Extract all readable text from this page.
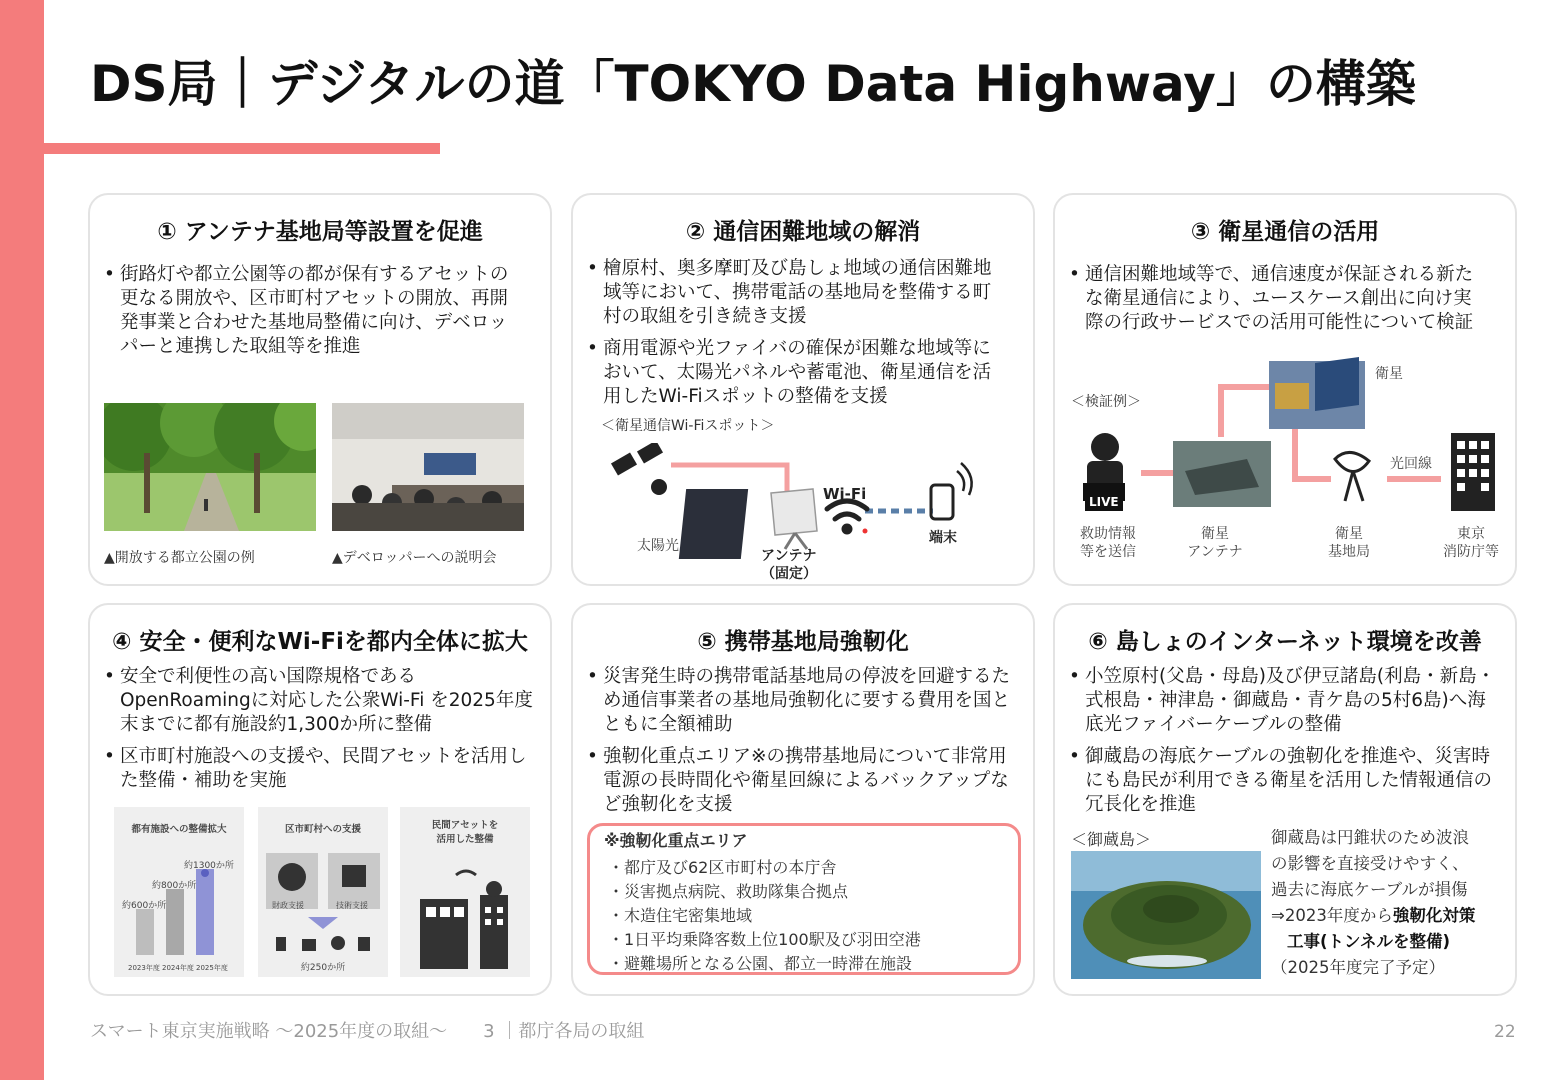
DS局｜デジタルの道「TOKYO Data Highway」の構築
① アンテナ基地局等設置を促進
• 街路灯や都立公園等の都が保有するアセットの更なる開放や、区市町村アセットの開放、再開発事業と合わせた基地局整備に向け、デベロッパーと連携した取組等を推進
▲開放する都立公園の例	▲デベロッパーへの説明会
② 通信困難地域の解消
• 檜原村、奥多摩町及び島しょ地域の通信困難地域等において、携帯電話の基地局を整備する町村の取組を引き続き支援
• 商用電源や光ファイバの確保が困難な地域等において、太陽光パネルや蓄電池、衛星通信を活用したWi-Fiスポットの整備を支援
＜衛星通信Wi-Fiスポット＞
太陽光
Wi-Fi
端末
アンテナ
（固定）
③ 衛星通信の活用
• 通信困難地域等で、通信速度が保証される新たな衛星通信により、ユースケース創出に向け実際の行政サービスでの活用可能性について検証
＜検証例＞
LIVE
衛星
光回線
救助情報
等を送信
衛星
アンテナ
衛星
基地局
東京
消防庁等
④ 安全・便利なWi-Fiを都内全体に拡大
• 安全で利便性の高い国際規格であるOpenRoamingに対応した公衆Wi-Fi を2025年度末までに都有施設約1,300か所に整備
• 区市町村施設への支援や、民間アセットを活用した整備・補助を実施
都有施設への整備拡大
約600か所
約800か所
約1300か所
2023年度 2024年度 2025年度
区市町村への支援
財政支援	技術支援
約250か所
民間アセットを
活用した整備
⑤ 携帯基地局強靭化
• 災害発生時の携帯電話基地局の停波を回避するため通信事業者の基地局強靭化に要する費用を国とともに全額補助
• 強靭化重点エリア※の携帯基地局について非常用電源の長時間化や衛星回線によるバックアップなど強靭化を支援
※強靭化重点エリア
・都庁及び62区市町村の本庁舎
・災害拠点病院、救助隊集合拠点
・木造住宅密集地域
・1日平均乗降客数上位100駅及び羽田空港
・避難場所となる公園、都立一時滞在施設
⑥ 島しょのインターネット環境を改善
• 小笠原村(父島・母島)及び伊豆諸島(利島・新島・式根島・神津島・御蔵島・青ケ島の5村6島)へ海底光ファイバーケーブルの整備
• 御蔵島の海底ケーブルの強靭化を推進や、災害時にも島民が利用できる衛星を活用した情報通信の冗長化を推進
＜御蔵島＞	御蔵島は円錐状のため波浪
の影響を直接受けやすく、
過去に海底ケーブルが損傷
⇒2023年度から強靭化対策
工事(トンネルを整備)
（2025年度完了予定）
スマート東京実施戦略 ～2025年度の取組～　　3 ｜都庁各局の取組	22
